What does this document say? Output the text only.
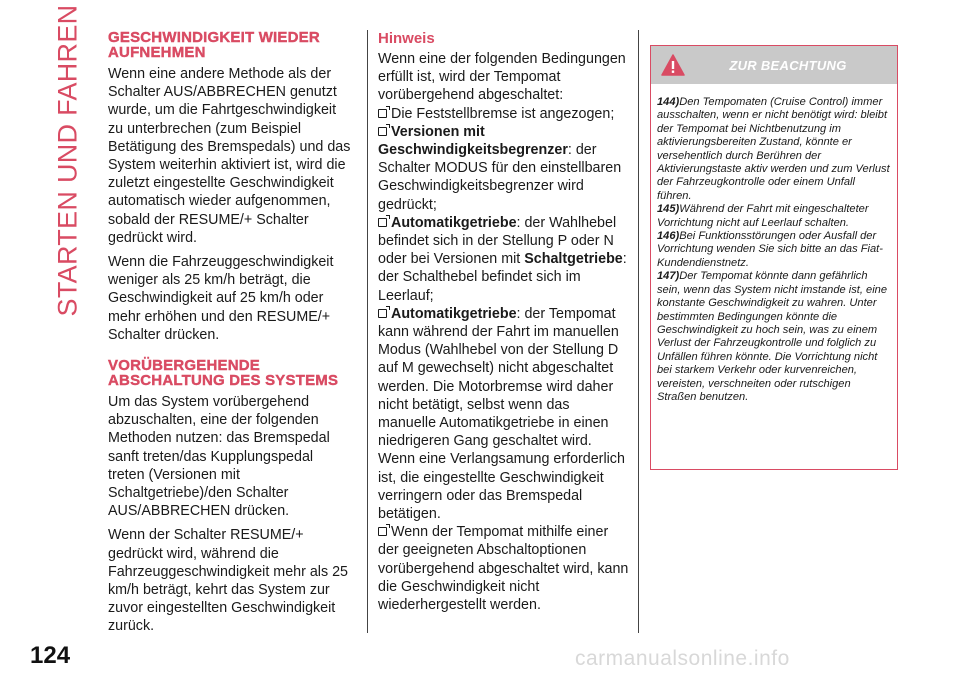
STARTEN UND FAHREN GESCHWINDIGKEIT WIEDER AUFNEHMEN

Wenn eine andere Methode als der Schalter AUS/ABBRECHEN genutzt wurde, um die Fahrtgeschwindigkeit zu unterbrechen (zum Beispiel Betätigung des Bremspedals) und das System weiterhin aktiviert ist, wird die zuletzt eingestellte Geschwindigkeit automatisch wieder aufgenommen, sobald der RESUME/+ Schalter gedrückt wird.

Wenn die Fahrzeuggeschwindigkeit weniger als 25 km/h beträgt, die Geschwindigkeit auf 25 km/h oder mehr erhöhen und den RESUME/+ Schalter drücken.

VORÜBERGEHENDE ABSCHALTUNG DES SYSTEMS

Um das System vorübergehend abzuschalten, eine der folgenden Methoden nutzen: das Bremspedal sanft treten/das Kupplungspedal treten (Versionen mit Schaltgetriebe)/den Schalter AUS/ABBRECHEN drücken.

Wenn der Schalter RESUME/+ gedrückt wird, während die Fahrzeuggeschwindigkeit mehr als 25 km/h beträgt, kehrt das System zur zuvor eingestellten Geschwindigkeit zurück.

Hinweis

Wenn eine der folgenden Bedingungen erfüllt ist, wird der Tempomat vorübergehend abgeschaltet:

Die Feststellbremse ist angezogen;

Versionen mit Geschwindigkeitsbegrenzer: der Schalter MODUS für den einstellbaren Geschwindigkeitsbegrenzer wird gedrückt;

Automatikgetriebe: der Wahlhebel befindet sich in der Stellung P oder N oder bei Versionen mit Schaltgetriebe: der Schalthebel befindet sich im Leerlauf;

Automatikgetriebe: der Tempomat kann während der Fahrt im manuellen Modus (Wahlhebel von der Stellung D auf M gewechselt) nicht abgeschaltet werden. Die Motorbremse wird daher nicht betätigt, selbst wenn das manuelle Automatikgetriebe in einen niedrigeren Gang geschaltet wird. Wenn eine Verlangsamung erforderlich ist, die eingestellte Geschwindigkeit verringern oder das Bremspedal betätigen.

Wenn der Tempomat mithilfe einer der geeigneten Abschaltoptionen vorübergehend abgeschaltet wird, kann die Geschwindigkeit nicht wiederhergestellt werden.

ZUR BEACHTUNG

144)Den Tempomaten (Cruise Control) immer ausschalten, wenn er nicht benötigt wird: bleibt der Tempomat bei Nichtbenutzung im aktivierungsbereiten Zustand, könnte er versehentlich durch Berühren der Aktivierungstaste aktiv werden und zum Verlust der Fahrzeugkontrolle oder einem Unfall führen.

145)Während der Fahrt mit eingeschalteter Vorrichtung nicht auf Leerlauf schalten.

146)Bei Funktionsstörungen oder Ausfall der Vorrichtung wenden Sie sich bitte an das Fiat-Kundendienstnetz.

147)Der Tempomat könnte dann gefährlich sein, wenn das System nicht imstande ist, eine konstante Geschwindigkeit zu wahren. Unter bestimmten Bedingungen könnte die Geschwindigkeit zu hoch sein, was zu einem Verlust der Fahrzeugkontrolle und folglich zu Unfällen führen könnte. Die Vorrichtung nicht bei starkem Verkehr oder kurvenreichen, vereisten, verschneiten oder rutschigen Straßen benutzen.

124	carmanualsonline.info
